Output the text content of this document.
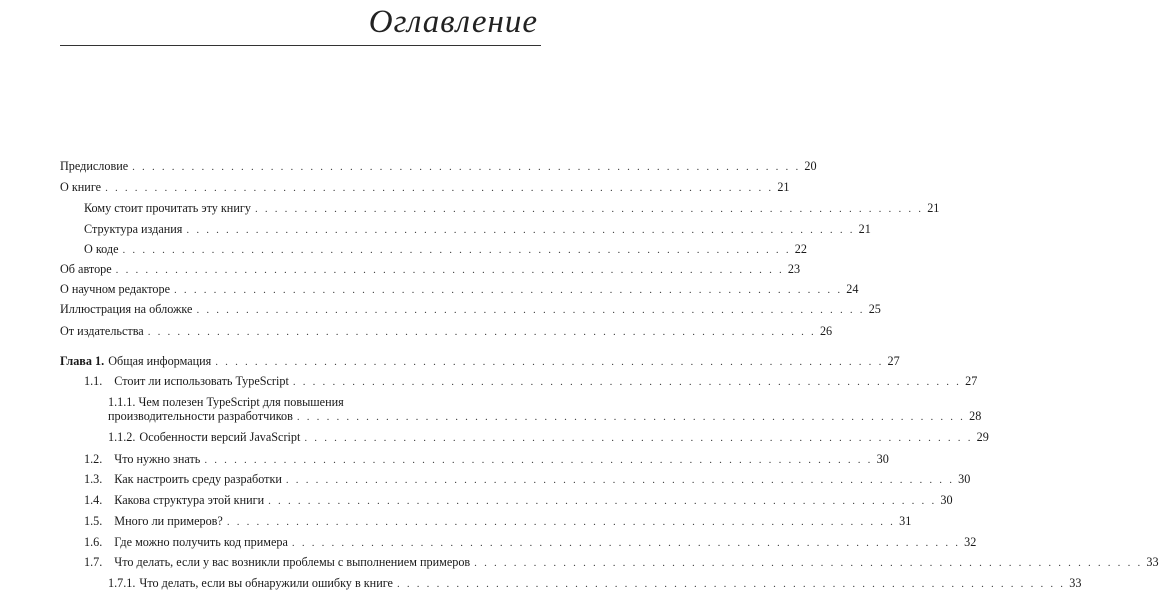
Оглавление
Предисловие . . . . . . . . . . . . . . . . . . . . . . . . . . . . . . . . . . . . . . . . . . . . . . . . . . . . . . . . . . . . . . . . . . . . 20
О книге . . . . . . . . . . . . . . . . . . . . . . . . . . . . . . . . . . . . . . . . . . . . . . . . . . . . . . . . . . . . . . . . . . . . 21
Кому стоит прочитать эту книгу . . . . . . . . . . . . . . . . . . . . . . . . . . . . . . . . . . . . . . . . . . . . . . . . . . . . . . . . . . . . . . . . . . . . 21
Структура издания . . . . . . . . . . . . . . . . . . . . . . . . . . . . . . . . . . . . . . . . . . . . . . . . . . . . . . . . . . . . . . . . . . . . 21
О коде . . . . . . . . . . . . . . . . . . . . . . . . . . . . . . . . . . . . . . . . . . . . . . . . . . . . . . . . . . . . . . . . . . . . 22
Об авторе . . . . . . . . . . . . . . . . . . . . . . . . . . . . . . . . . . . . . . . . . . . . . . . . . . . . . . . . . . . . . . . . . . . . 23
О научном редакторе . . . . . . . . . . . . . . . . . . . . . . . . . . . . . . . . . . . . . . . . . . . . . . . . . . . . . . . . . . . . . . . . . . . . 24
Иллюстрация на обложке . . . . . . . . . . . . . . . . . . . . . . . . . . . . . . . . . . . . . . . . . . . . . . . . . . . . . . . . . . . . . . . . . . . . 25
От издательства . . . . . . . . . . . . . . . . . . . . . . . . . . . . . . . . . . . . . . . . . . . . . . . . . . . . . . . . . . . . . . . . . . . . 26
Глава 1. Общая информация . . . . . . . . . . . . . . . . . . . . . . . . . . . . . . . . . . . . . . . . . . . . . . . . . . . . . . . . . . . . . . . . . . . . 27
1.1. Стоит ли использовать TypeScript . . . . . . . . . . . . . . . . . . . . . . . . . . . . . . . . . . . . . . . . . . . . . . . . . . . . . . . . . . . . . . . . . . . . 27
1.1.1. Чем полезен TypeScript для повышения
производительности разработчиков . . . . . . . . . . . . . . . . . . . . . . . . . . . . . . . . . . . . . . . . . . . . . . . . . . . . . . . . . . . . . . . . . . . . 28
1.1.2. Особенности версий JavaScript . . . . . . . . . . . . . . . . . . . . . . . . . . . . . . . . . . . . . . . . . . . . . . . . . . . . . . . . . . . . . . . . . . . . 29
1.2. Что нужно знать . . . . . . . . . . . . . . . . . . . . . . . . . . . . . . . . . . . . . . . . . . . . . . . . . . . . . . . . . . . . . . . . . . . . 30
1.3. Как настроить среду разработки . . . . . . . . . . . . . . . . . . . . . . . . . . . . . . . . . . . . . . . . . . . . . . . . . . . . . . . . . . . . . . . . . . . . 30
1.4. Какова структура этой книги . . . . . . . . . . . . . . . . . . . . . . . . . . . . . . . . . . . . . . . . . . . . . . . . . . . . . . . . . . . . . . . . . . . . 30
1.5. Много ли примеров? . . . . . . . . . . . . . . . . . . . . . . . . . . . . . . . . . . . . . . . . . . . . . . . . . . . . . . . . . . . . . . . . . . . . 31
1.6. Где можно получить код примера . . . . . . . . . . . . . . . . . . . . . . . . . . . . . . . . . . . . . . . . . . . . . . . . . . . . . . . . . . . . . . . . . . . . 32
1.7. Что делать, если у вас возникли проблемы с выполнением примеров . . . . . . . . . . . . . . . . . . . . . . . . . . . . . . . . . . . . . . . . . . . . . . . . . . . . . . . . . . . . . . . . . . . . 33
1.7.1. Что делать, если вы обнаружили ошибку в книге . . . . . . . . . . . . . . . . . . . . . . . . . . . . . . . . . . . . . . . . . . . . . . . . . . . . . . . . . . . . . . . . . . . . 33
